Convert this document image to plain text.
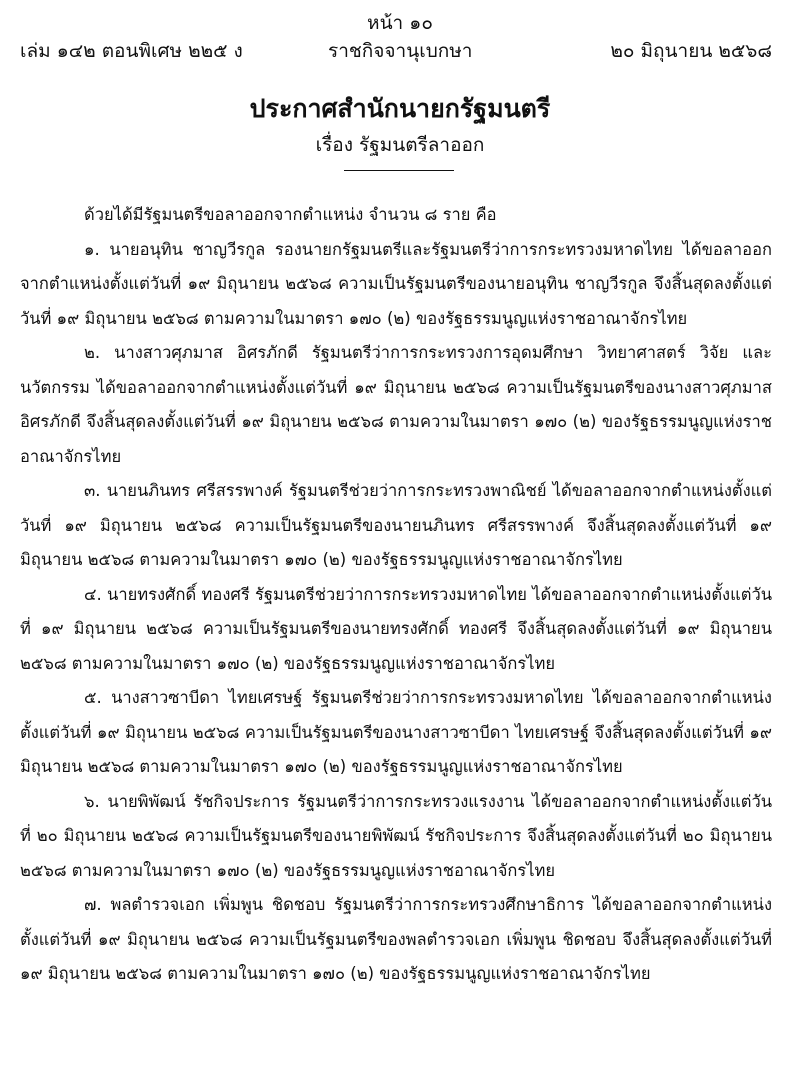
หน้า ๑๐
เล่ม ๑๔๒ ตอนพิเศษ ๒๒๕ ง	ราชกิจจานุเบกษา	๒๐ มิถุนายน ๒๕๖๘
ประกาศสำนักนายกรัฐมนตรี
เรื่อง รัฐมนตรีลาออก

ด้วยได้มีรัฐมนตรีขอลาออกจากตำแหน่ง จำนวน ๘ ราย คือ

๑. นายอนุทิน ชาญวีรกูล รองนายกรัฐมนตรีและรัฐมนตรีว่าการกระทรวงมหาดไทย ได้ขอลาออกจากตำแหน่งตั้งแต่วันที่ ๑๙ มิถุนายน ๒๕๖๘ ความเป็นรัฐมนตรีของนายอนุทิน ชาญวีรกูล จึงสิ้นสุดลงตั้งแต่วันที่ ๑๙ มิถุนายน ๒๕๖๘ ตามความในมาตรา ๑๗๐ (๒) ของรัฐธรรมนูญแห่งราชอาณาจักรไทย

๒. นางสาวศุภมาส อิศรภักดี รัฐมนตรีว่าการกระทรวงการอุดมศึกษา วิทยาศาสตร์ วิจัย และนวัตกรรม ได้ขอลาออกจากตำแหน่งตั้งแต่วันที่ ๑๙ มิถุนายน ๒๕๖๘ ความเป็นรัฐมนตรีของนางสาวศุภมาส อิศรภักดี จึงสิ้นสุดลงตั้งแต่วันที่ ๑๙ มิถุนายน ๒๕๖๘ ตามความในมาตรา ๑๗๐ (๒) ของรัฐธรรมนูญแห่งราชอาณาจักรไทย

๓. นายนภินทร ศรีสรรพางค์ รัฐมนตรีช่วยว่าการกระทรวงพาณิชย์ ได้ขอลาออกจากตำแหน่งตั้งแต่วันที่ ๑๙ มิถุนายน ๒๕๖๘ ความเป็นรัฐมนตรีของนายนภินทร ศรีสรรพางค์ จึงสิ้นสุดลงตั้งแต่วันที่ ๑๙ มิถุนายน ๒๕๖๘ ตามความในมาตรา ๑๗๐ (๒) ของรัฐธรรมนูญแห่งราชอาณาจักรไทย

๔. นายทรงศักดิ์ ทองศรี รัฐมนตรีช่วยว่าการกระทรวงมหาดไทย ได้ขอลาออกจากตำแหน่งตั้งแต่วันที่ ๑๙ มิถุนายน ๒๕๖๘ ความเป็นรัฐมนตรีของนายทรงศักดิ์ ทองศรี จึงสิ้นสุดลงตั้งแต่วันที่ ๑๙ มิถุนายน ๒๕๖๘ ตามความในมาตรา ๑๗๐ (๒) ของรัฐธรรมนูญแห่งราชอาณาจักรไทย

๕. นางสาวซาบีดา ไทยเศรษฐ์ รัฐมนตรีช่วยว่าการกระทรวงมหาดไทย ได้ขอลาออกจากตำแหน่งตั้งแต่วันที่ ๑๙ มิถุนายน ๒๕๖๘ ความเป็นรัฐมนตรีของนางสาวซาบีดา ไทยเศรษฐ์ จึงสิ้นสุดลงตั้งแต่วันที่ ๑๙ มิถุนายน ๒๕๖๘ ตามความในมาตรา ๑๗๐ (๒) ของรัฐธรรมนูญแห่งราชอาณาจักรไทย

๖. นายพิพัฒน์ รัชกิจประการ รัฐมนตรีว่าการกระทรวงแรงงาน ได้ขอลาออกจากตำแหน่งตั้งแต่วันที่ ๒๐ มิถุนายน ๒๕๖๘ ความเป็นรัฐมนตรีของนายพิพัฒน์ รัชกิจประการ จึงสิ้นสุดลงตั้งแต่วันที่ ๒๐ มิถุนายน ๒๕๖๘ ตามความในมาตรา ๑๗๐ (๒) ของรัฐธรรมนูญแห่งราชอาณาจักรไทย

๗. พลตำรวจเอก เพิ่มพูน ชิดชอบ รัฐมนตรีว่าการกระทรวงศึกษาธิการ ได้ขอลาออกจากตำแหน่งตั้งแต่วันที่ ๑๙ มิถุนายน ๒๕๖๘ ความเป็นรัฐมนตรีของพลตำรวจเอก เพิ่มพูน ชิดชอบ จึงสิ้นสุดลงตั้งแต่วันที่ ๑๙ มิถุนายน ๒๕๖๘ ตามความในมาตรา ๑๗๐ (๒) ของรัฐธรรมนูญแห่งราชอาณาจักรไทย
